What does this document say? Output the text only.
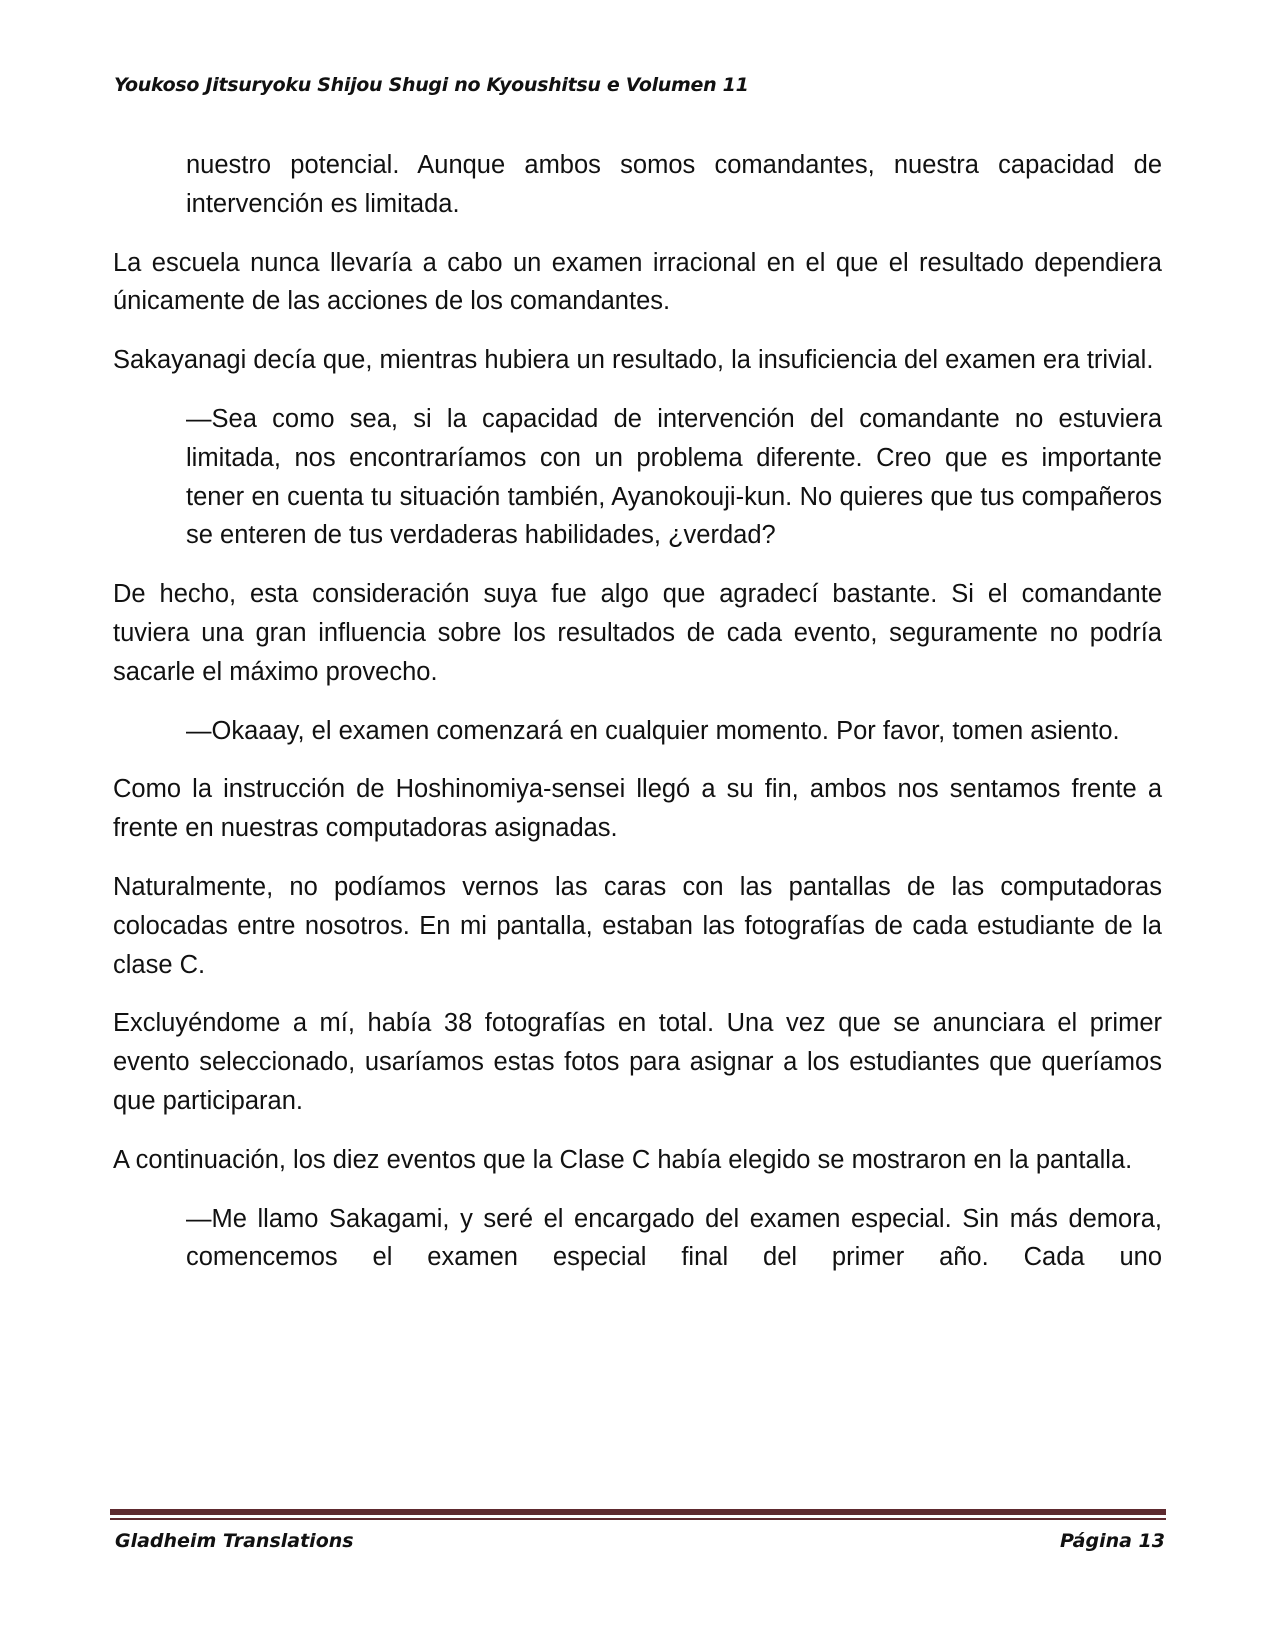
Youkoso Jitsuryoku Shijou Shugi no Kyoushitsu e Volumen 11

nuestro potencial. Aunque ambos somos comandantes, nuestra capacidad de intervención es limitada.

La escuela nunca llevaría a cabo un examen irracional en el que el resultado dependiera únicamente de las acciones de los comandantes.

Sakayanagi decía que, mientras hubiera un resultado, la insuficiencia del examen era trivial.

—Sea como sea, si la capacidad de intervención del comandante no estuviera limitada, nos encontraríamos con un problema diferente. Creo que es importante tener en cuenta tu situación también, Ayanokouji-kun. No quieres que tus compañeros se enteren de tus verdaderas habilidades, ¿verdad?

De hecho, esta consideración suya fue algo que agradecí bastante. Si el comandante tuviera una gran influencia sobre los resultados de cada evento, seguramente no podría sacarle el máximo provecho.

—Okaaay, el examen comenzará en cualquier momento. Por favor, tomen asiento.

Como la instrucción de Hoshinomiya-sensei llegó a su fin, ambos nos sentamos frente a frente en nuestras computadoras asignadas.

Naturalmente, no podíamos vernos las caras con las pantallas de las computadoras colocadas entre nosotros. En mi pantalla, estaban las fotografías de cada estudiante de la clase C.

Excluyéndome a mí, había 38 fotografías en total. Una vez que se anunciara el primer evento seleccionado, usaríamos estas fotos para asignar a los estudiantes que queríamos que participaran.

A continuación, los diez eventos que la Clase C había elegido se mostraron en la pantalla.

—Me llamo Sakagami, y seré el encargado del examen especial. Sin más demora, comencemos el examen especial final del primer año. Cada uno

Gladheim Translations	Página 13
